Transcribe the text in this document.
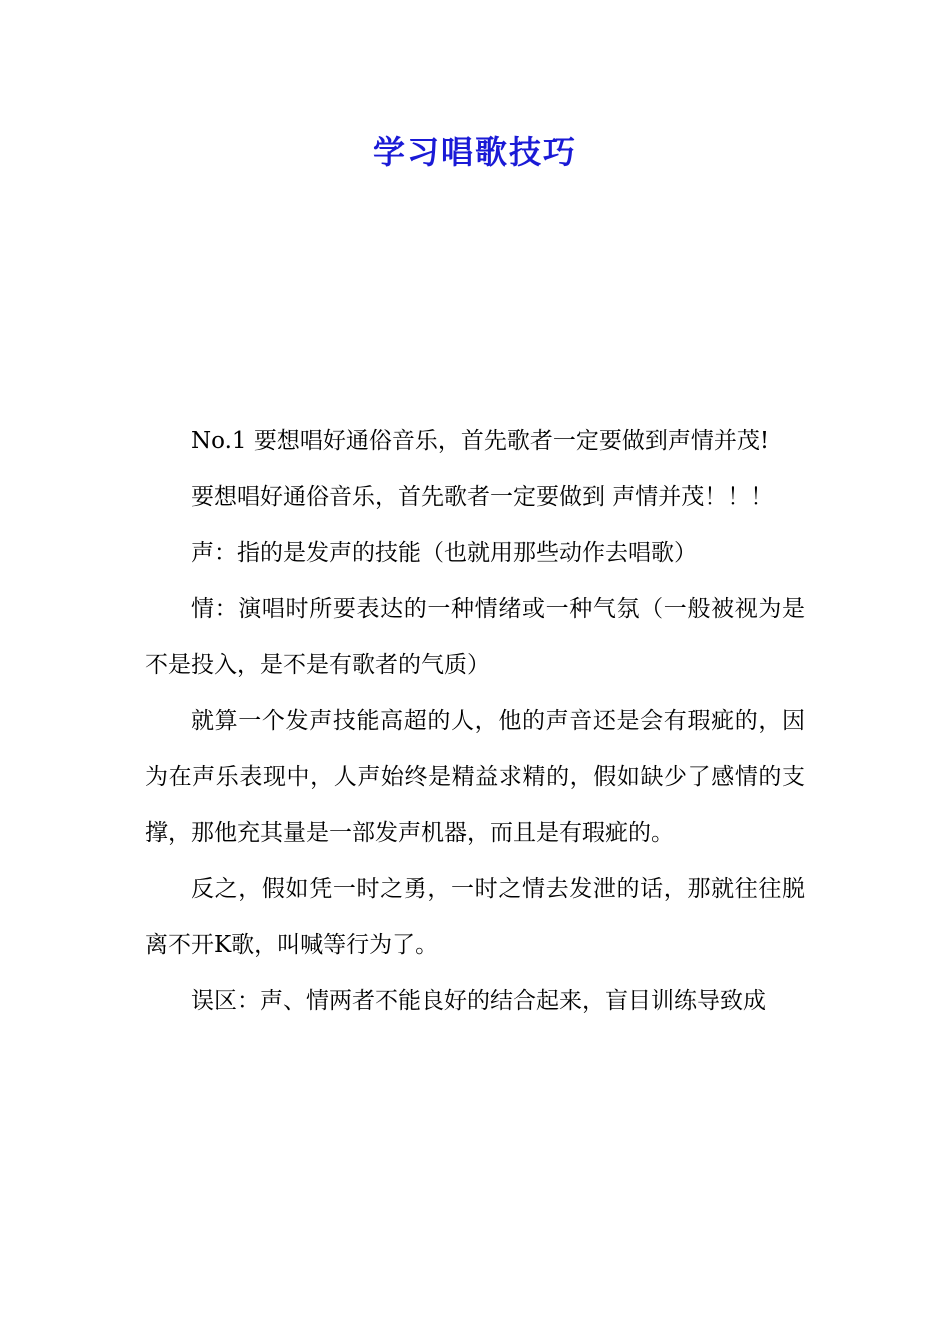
学习唱歌技巧

No.1 要想唱好通俗音乐，首先歌者一定要做到声情并茂!

要想唱好通俗音乐，首先歌者一定要做到 声情并茂！！！

声：指的是发声的技能（也就用那些动作去唱歌）

情：演唱时所要表达的一种情绪或一种气氛（一般被视为是不是投入，是不是有歌者的气质）

就算一个发声技能高超的人，他的声音还是会有瑕疵的，因为在声乐表现中，人声始终是精益求精的，假如缺少了感情的支撑，那他充其量是一部发声机器，而且是有瑕疵的。

反之，假如凭一时之勇，一时之情去发泄的话，那就往往脱离不开K歌，叫喊等行为了。

误区：声、情两者不能良好的结合起来，盲目训练导致成
